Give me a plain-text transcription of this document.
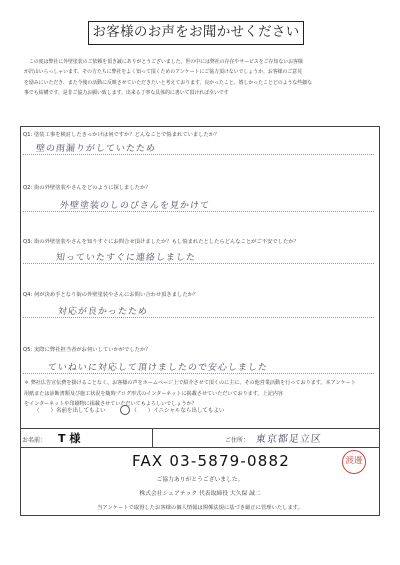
お客様のお声をお聞かせください

この度は弊社に外壁塗装のご依頼を頂き誠にありがとうございました。世の中には弊社の存在やサービスをご存知ないお客様

が沢山いらっしゃいます。その方たちに弊社をよく知って頂くためのアンケートにご協力頂けないでしょうか。お客様のご意見

を励みにいただき、また今後の活動に反映させていただきたいと考えております。良かったこと、嬉しかったことどのような些細な

事でも結構です。是非ご協力お願い致します。出来る丁寧な具体的に書いて頂ければ幸いです

Q1: 塗装工事を検討したきっかけは何ですか？どんなことで悩まれていましたか？
壁の雨漏りがしていたため
Q2: 街の外壁塗装やさんをどのように探しましたか？
外壁塗装のしのびさんを見かけて
Q3: 街の外壁塗装やさんを知りすぐにお問合せ頂けましたか？もし悩まれたとしたらどんなことがご不安でしたか？
知っていたすぐに連絡しました
Q4: 何が決め手となり街の外壁塗装やさんにお問い合わせ頂きましたか？
対応が良かったため
Q5: 実際に弊社担当者がお伺いしていかがでしたか？
ていねいに対応して頂けましたので安心しました

＊ 弊社広告宣伝費を掛けることなく、お客様の声をホームページ上で紹介させて頂くのに主に、その他営業活動を行っております。本アンケート

用紙または診断書類及び施工状況を随時ブログ形式のインターネットに掲載させていただいております。上記内容

をインターネットや印刷物に掲載させていただいてもよろしいでしょうか？

（　　）名前を出してもよい	（　　）イニシャルなら出してもよい
お名前： T 様	ご住所： 東京都足立区
FAX 03-5879-0882	渡邊
ご協力ありがとうございました。
株式会社シェアテック 代表取締役 大久保 誠二
当アンケートで取得したお客様の個人情報は関係法規に基づき厳正に管理いたします。
